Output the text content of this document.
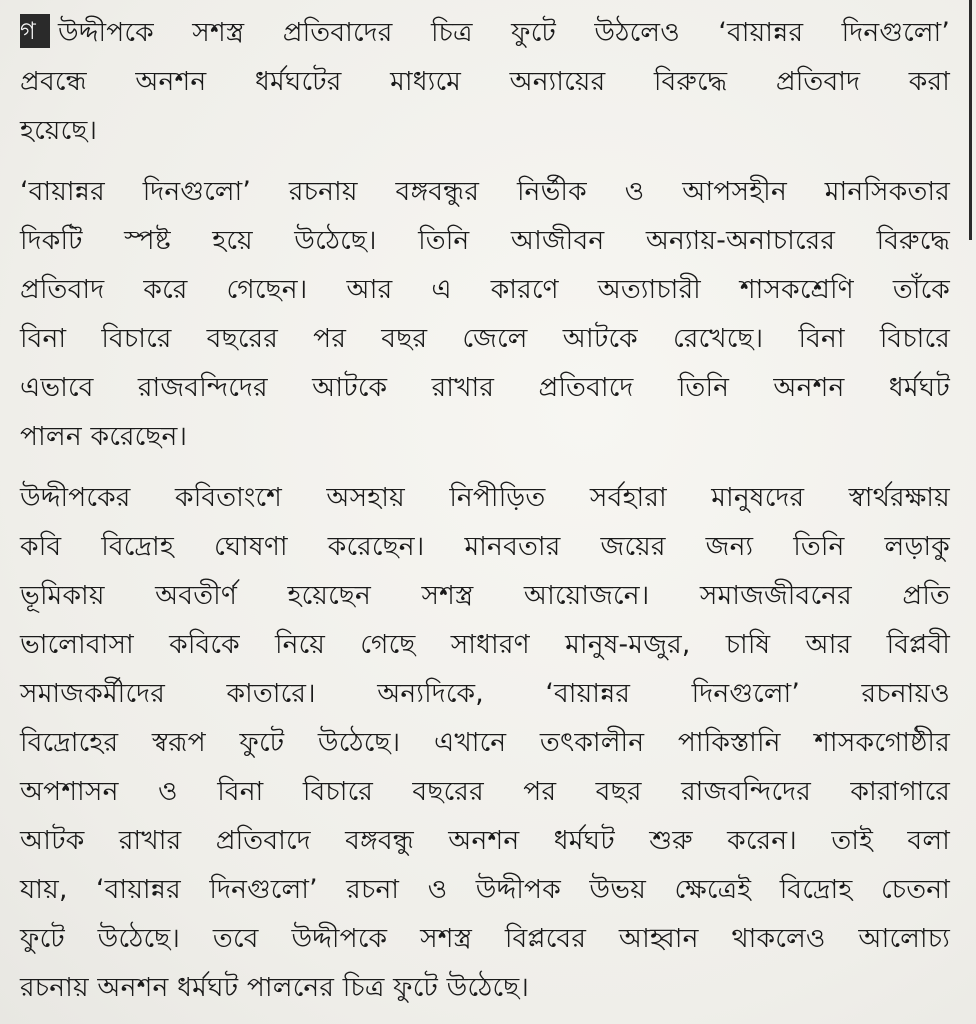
গ উদ্দীপকে সশস্ত্র প্রতিবাদের চিত্র ফুটে উঠলেও ‘বায়ান্নর দিনগুলো’
প্রবন্ধে অনশন ধর্মঘটের মাধ্যমে অন্যায়ের বিরুদ্ধে প্রতিবাদ করা
হয়েছে।
‘বায়ান্নর দিনগুলো’ রচনায় বঙ্গবন্ধুর নির্ভীক ও আপসহীন মানসিকতার
দিকটি স্পষ্ট হয়ে উঠেছে। তিনি আজীবন অন্যায়-অনাচারের বিরুদ্ধে
প্রতিবাদ করে গেছেন। আর এ কারণে অত্যাচারী শাসকশ্রেণি তাঁকে
বিনা বিচারে বছরের পর বছর জেলে আটকে রেখেছে। বিনা বিচারে
এভাবে রাজবন্দিদের আটকে রাখার প্রতিবাদে তিনি অনশন ধর্মঘট
পালন করেছেন।
উদ্দীপকের কবিতাংশে অসহায় নিপীড়িত সর্বহারা মানুষদের স্বার্থরক্ষায়
কবি বিদ্রোহ ঘোষণা করেছেন। মানবতার জয়ের জন্য তিনি লড়াকু
ভূমিকায় অবতীর্ণ হয়েছেন সশস্ত্র আয়োজনে। সমাজজীবনের প্রতি
ভালোবাসা কবিকে নিয়ে গেছে সাধারণ মানুষ-মজুর, চাষি আর বিপ্লবী
সমাজকর্মীদের কাতারে। অন্যদিকে, ‘বায়ান্নর দিনগুলো’ রচনায়ও
বিদ্রোহের স্বরূপ ফুটে উঠেছে। এখানে তৎকালীন পাকিস্তানি শাসকগোষ্ঠীর
অপশাসন ও বিনা বিচারে বছরের পর বছর রাজবন্দিদের কারাগারে
আটক রাখার প্রতিবাদে বঙ্গবন্ধু অনশন ধর্মঘট শুরু করেন। তাই বলা
যায়, ‘বায়ান্নর দিনগুলো’ রচনা ও উদ্দীপক উভয় ক্ষেত্রেই বিদ্রোহ চেতনা
ফুটে উঠেছে। তবে উদ্দীপকে সশস্ত্র বিপ্লবের আহ্বান থাকলেও আলোচ্য
রচনায় অনশন ধর্মঘট পালনের চিত্র ফুটে উঠেছে।
